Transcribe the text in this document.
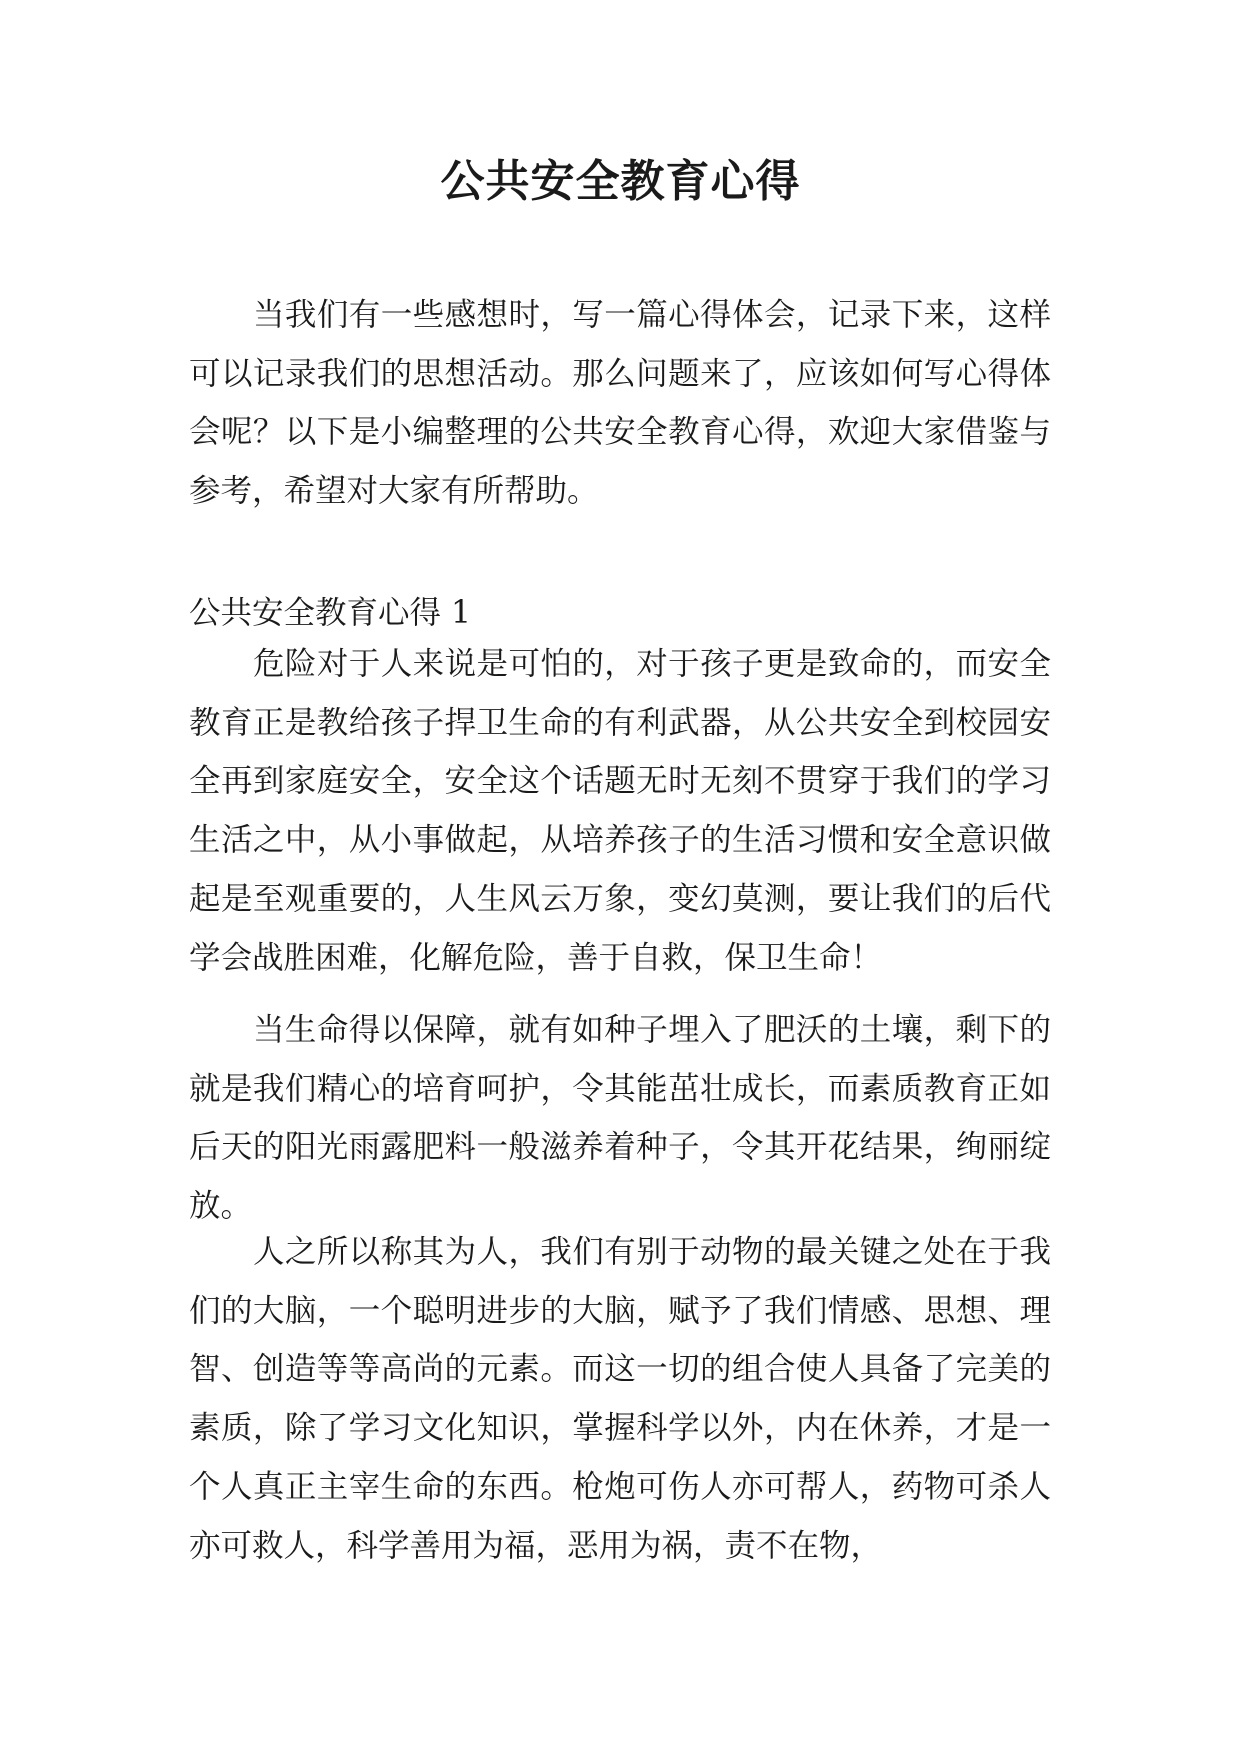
公共安全教育心得

当我们有一些感想时，写一篇心得体会，记录下来，这样可以记录我们的思想活动。那么问题来了，应该如何写心得体会呢？以下是小编整理的公共安全教育心得，欢迎大家借鉴与参考，希望对大家有所帮助。

公共安全教育心得 1

危险对于人来说是可怕的，对于孩子更是致命的，而安全教育正是教给孩子捍卫生命的有利武器，从公共安全到校园安全再到家庭安全，安全这个话题无时无刻不贯穿于我们的学习生活之中，从小事做起，从培养孩子的生活习惯和安全意识做起是至观重要的，人生风云万象，变幻莫测，要让我们的后代学会战胜困难，化解危险，善于自救，保卫生命！

当生命得以保障，就有如种子埋入了肥沃的土壤，剩下的就是我们精心的培育呵护，令其能茁壮成长，而素质教育正如后天的阳光雨露肥料一般滋养着种子，令其开花结果，绚丽绽放。

人之所以称其为人，我们有别于动物的最关键之处在于我们的大脑，一个聪明进步的大脑，赋予了我们情感、思想、理智、创造等等高尚的元素。而这一切的组合使人具备了完美的素质，除了学习文化知识，掌握科学以外，内在休养，才是一个人真正主宰生命的东西。枪炮可伤人亦可帮人，药物可杀人亦可救人，科学善用为福，恶用为祸，责不在物，
